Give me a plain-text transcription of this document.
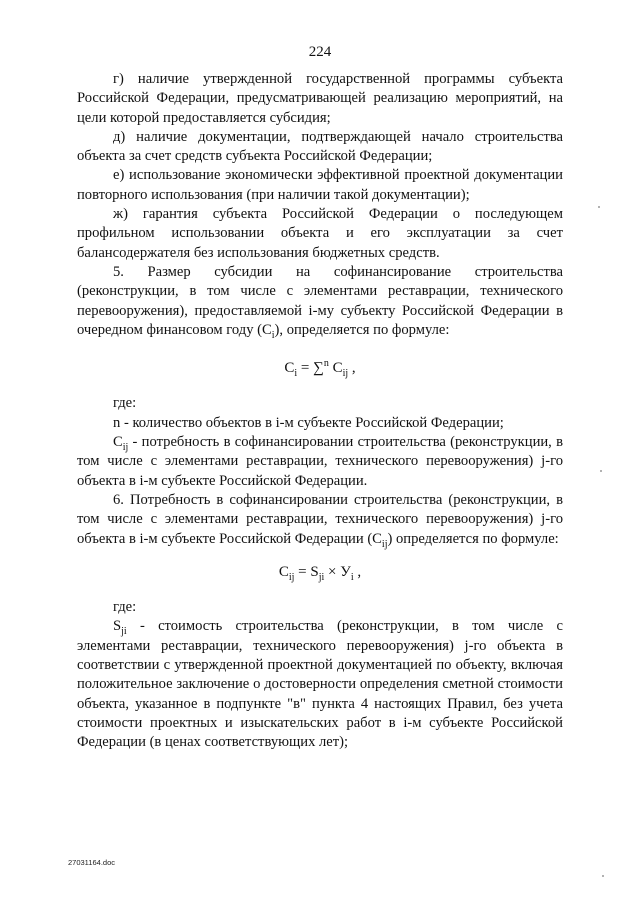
224

г) наличие утвержденной государственной программы субъекта Российской Федерации, предусматривающей реализацию мероприятий, на цели которой предоставляется субсидия;

д) наличие документации, подтверждающей начало строительства объекта за счет средств субъекта Российской Федерации;

е) использование экономически эффективной проектной документации повторного использования (при наличии такой документации);

ж) гарантия субъекта Российской Федерации о последующем профильном использовании объекта и его эксплуатации за счет балансодержателя без использования бюджетных средств.

5. Размер субсидии на софинансирование строительства (реконструкции, в том числе с элементами реставрации, технического перевооружения), предоставляемой i-му субъекту Российской Федерации в очередном финансовом году $(C_i)$, определяется по формуле:

$C_i = \sum^n$ $C_{ij}$ ,

где:

n - количество объектов в i-м субъекте Российской Федерации;

$C_{ij}$ - потребность в софинансировании строительства (реконструкции, в том числе с элементами реставрации, технического перевооружения) j-го объекта в i-м субъекте Российской Федерации.

6. Потребность в софинансировании строительства (реконструкции, в том числе с элементами реставрации, технического перевооружения) j-го объекта в i-м субъекте Российской Федерации $(C_{ij})$ определяется по формуле:

$C_{ij} = S_{ji} \times У_i$ ,

где:

$S_{ji}$ - стоимость строительства (реконструкции, в том числе с элементами реставрации, технического перевооружения) j-го объекта в соответствии с утвержденной проектной документацией по объекту, включая положительное заключение о достоверности определения сметной стоимости объекта, указанное в подпункте "в" пункта 4 настоящих Правил, без учета стоимости проектных и изыскательских работ в i-м субъекте Российской Федерации (в ценах соответствующих лет);

27031164.doc
